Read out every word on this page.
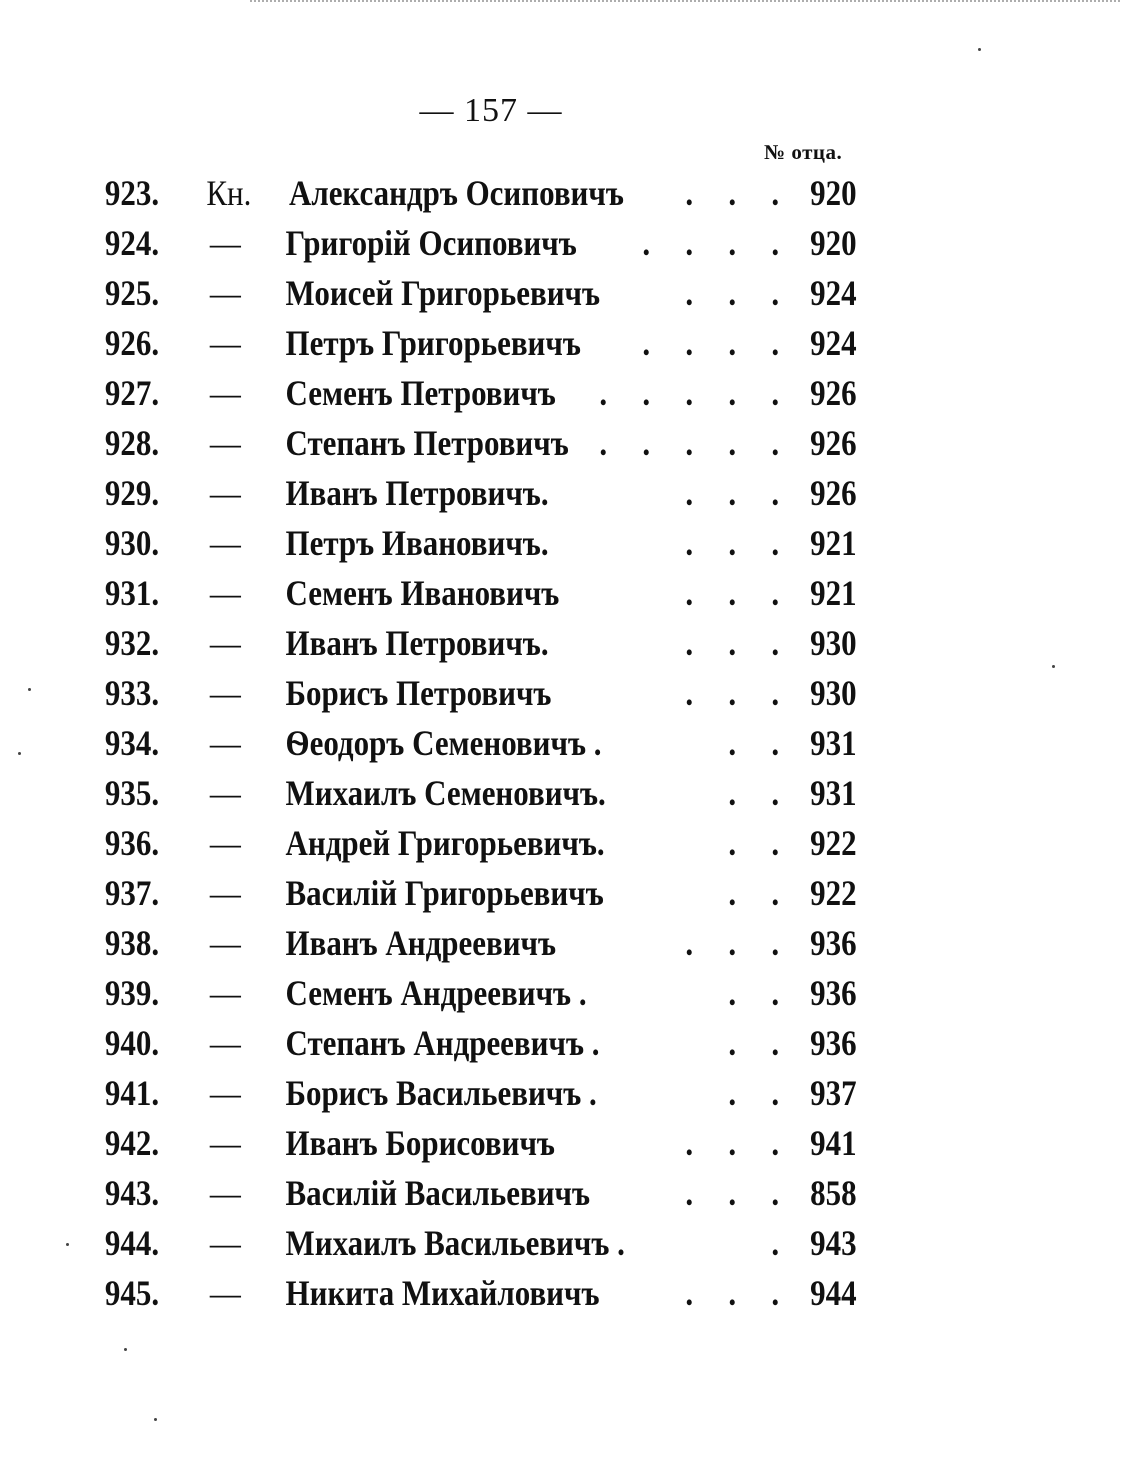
— 157 —
№ отца.
923. Кн. Александръ Осиповичъ . . . 920
924. — Григорій Осиповичъ . . . . 920
925. — Моисей Григорьевичъ . . . 924
926. — Петръ Григорьевичъ . . . . 924
927. — Семенъ Петровичъ . . . . . 926
928. — Степанъ Петровичъ . . . . . 926
929. — Иванъ Петровичъ.	. . . 926
930. — Петръ Ивановичъ.	. . . 921
931. — Семенъ Ивановичъ	. . . 921
932. — Иванъ Петровичъ.	. . . 930
933. — Борисъ Петровичъ	. . . 930
934. — Ѳеодоръ Семеновичъ .	. . 931
935. — Михаилъ Семеновичъ.	. . 931
936. — Андрей Григорьевичъ.	. . 922
937. — Василій Григорьевичъ	. . 922
938. — Иванъ Андреевичъ	. . . 936
939. — Семенъ Андреевичъ .	. . 936
940. — Степанъ Андреевичъ .	. . 936
941. — Борисъ Васильевичъ .	. . 937
942. — Иванъ Борисовичъ	. . . 941
943. — Василій Васильевичъ	. . . 858
944. — Михаилъ Васильевичъ .	. 943
945. — Никита Михайловичъ . . . 944
